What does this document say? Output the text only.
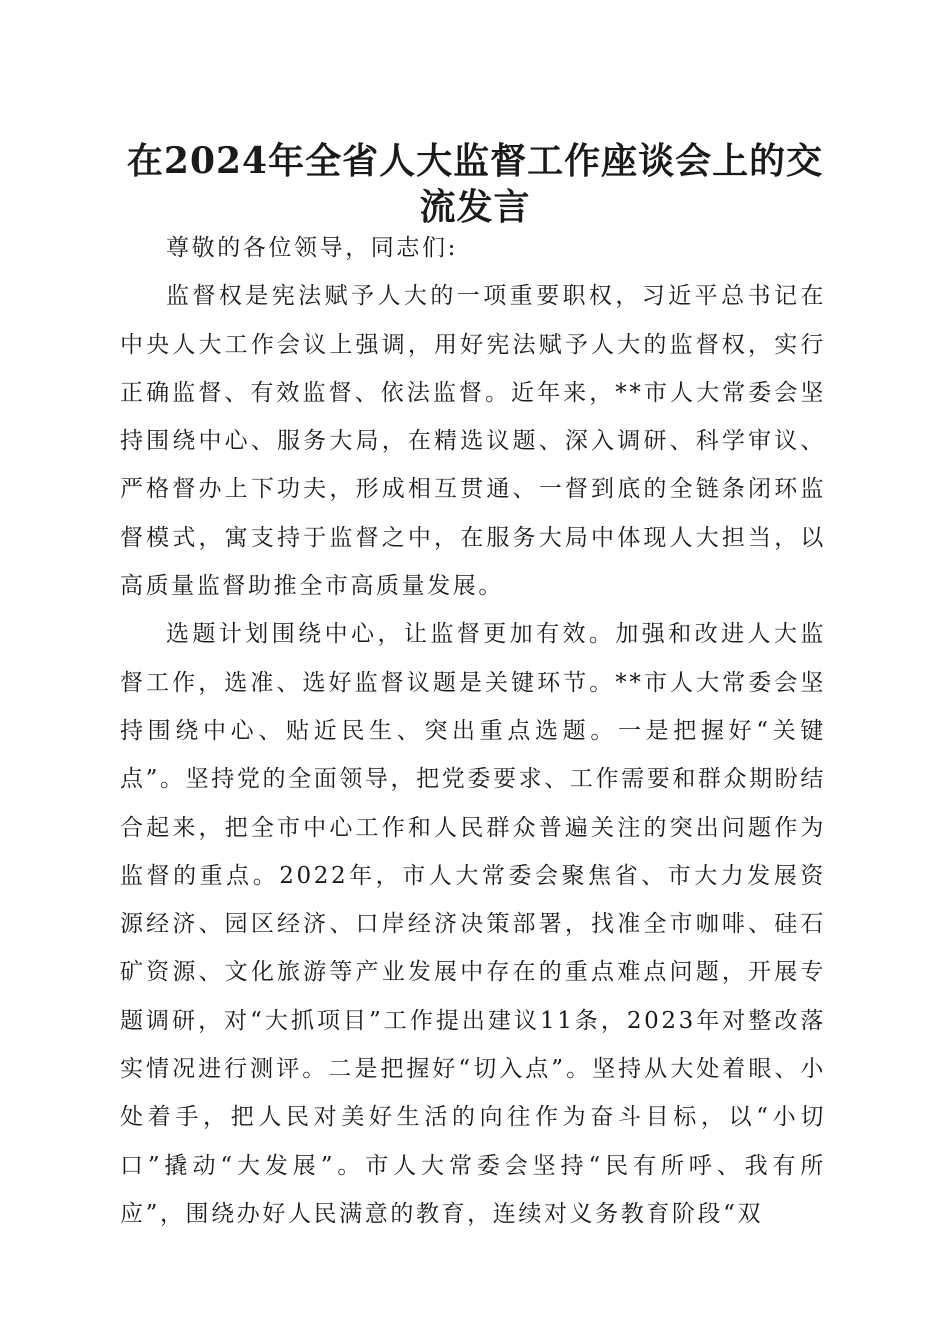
在2024年全省人大监督工作座谈会上的交流发言

尊敬的各位领导，同志们:

监督权是宪法赋予人大的一项重要职权，习近平总书记在中央人大工作会议上强调，用好宪法赋予人大的监督权，实行正确监督、有效监督、依法监督。近年来，**市人大常委会坚持围绕中心、服务大局，在精选议题、深入调研、科学审议、严格督办上下功夫，形成相互贯通、一督到底的全链条闭环监督模式，寓支持于监督之中，在服务大局中体现人大担当，以高质量监督助推全市高质量发展。

选题计划围绕中心，让监督更加有效。加强和改进人大监督工作，选准、选好监督议题是关键环节。**市人大常委会坚持围绕中心、贴近民生、突出重点选题。一是把握好“关键点”。坚持党的全面领导，把党委要求、工作需要和群众期盼结合起来，把全市中心工作和人民群众普遍关注的突出问题作为监督的重点。2022年，市人大常委会聚焦省、市大力发展资源经济、园区经济、口岸经济决策部署，找准全市咖啡、硅石矿资源、文化旅游等产业发展中存在的重点难点问题，开展专题调研，对“大抓项目”工作提出建议11条，2023年对整改落实情况进行测评。二是把握好“切入点”。坚持从大处着眼、小处着手，把人民对美好生活的向往作为奋斗目标，以“小切口”撬动“大发展”。市人大常委会坚持“民有所呼、我有所应”，围绕办好人民满意的教育，连续对义务教育阶段“双
